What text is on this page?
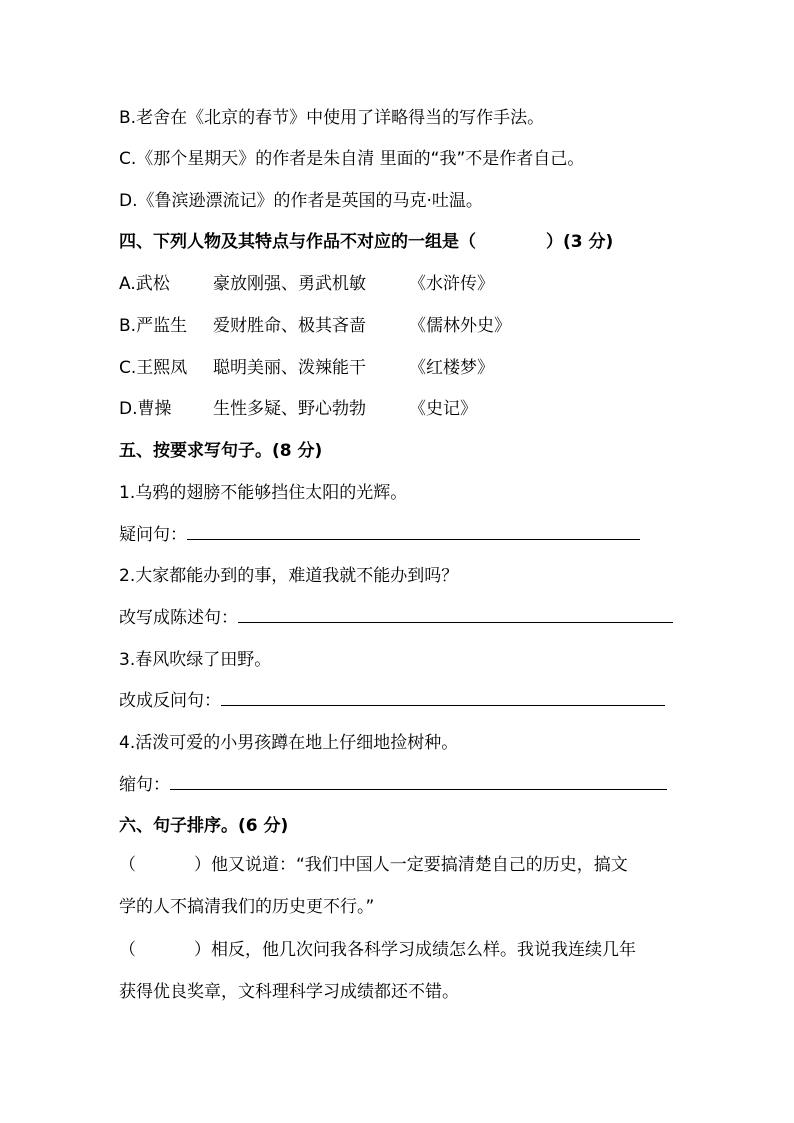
B.老舍在《北京的春节》中使用了详略得当的写作手法。
C.《那个星期天》的作者是朱自清 里面的“我”不是作者自己。
D.《鲁滨逊漂流记》的作者是英国的马克·吐温。
四、下列人物及其特点与作品不对应的一组是（	）(3 分)
A.武松	豪放刚强、勇武机敏	《水浒传》
B.严监生 爱财胜命、极其吝啬	《儒林外史》
C.王熙凤 聪明美丽、泼辣能干	《红楼梦》
D.曹操 生性多疑、野心勃勃	《史记》
五、按要求写句子。(8 分)
1.乌鸦的翅膀不能够挡住太阳的光辉。
疑问句：
2.大家都能办到的事，难道我就不能办到吗？
改写成陈述句：
3.春风吹绿了田野。
改成反问句：
4.活泼可爱的小男孩蹲在地上仔细地捡树种。
缩句：
六、句子排序。(6 分)
（	）他又说道：“我们中国人一定要搞清楚自己的历史，搞文
学的人不搞清我们的历史更不行。”
（	）相反，他几次问我各科学习成绩怎么样。我说我连续几年
获得优良奖章，文科理科学习成绩都还不错。
